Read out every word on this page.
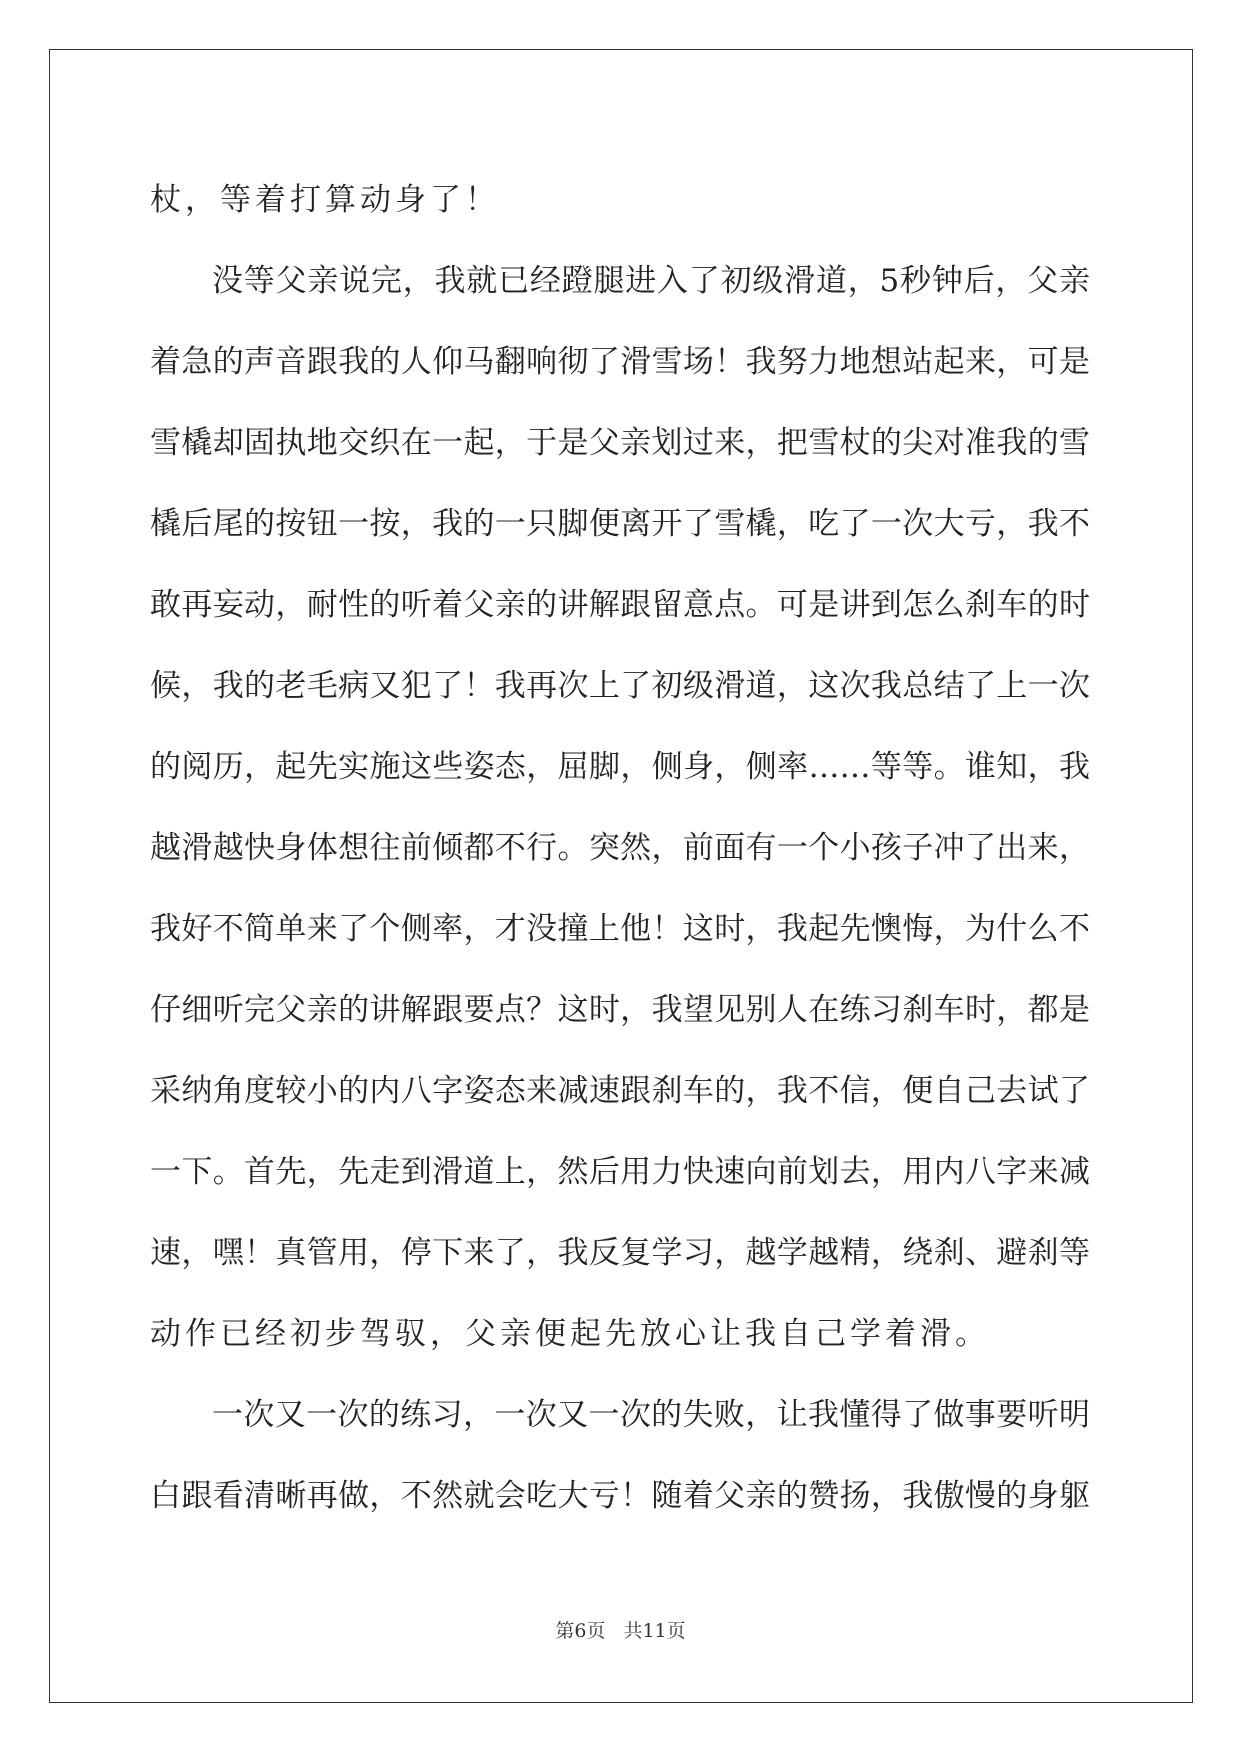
杖，等着打算动身了！
没等父亲说完，我就已经蹬腿进入了初级滑道，5秒钟后，父亲
着急的声音跟我的人仰马翻响彻了滑雪场！我努力地想站起来，可是
雪橇却固执地交织在一起，于是父亲划过来，把雪杖的尖对准我的雪
橇后尾的按钮一按，我的一只脚便离开了雪橇，吃了一次大亏，我不
敢再妄动，耐性的听着父亲的讲解跟留意点。可是讲到怎么刹车的时
候，我的老毛病又犯了！我再次上了初级滑道，这次我总结了上一次
的阅历，起先实施这些姿态，屈脚，侧身，侧率……等等。谁知，我
越滑越快身体想往前倾都不行。突然，前面有一个小孩子冲了出来，
我好不简单来了个侧率，才没撞上他！这时，我起先懊悔，为什么不
仔细听完父亲的讲解跟要点？这时，我望见别人在练习刹车时，都是
采纳角度较小的内八字姿态来减速跟刹车的，我不信，便自己去试了
一下。首先，先走到滑道上，然后用力快速向前划去，用内八字来减
速，嘿！真管用，停下来了，我反复学习，越学越精，绕刹、避刹等
动作已经初步驾驭，父亲便起先放心让我自己学着滑。
一次又一次的练习，一次又一次的失败，让我懂得了做事要听明
白跟看清晰再做，不然就会吃大亏！随着父亲的赞扬，我傲慢的身躯
第6页 共11页
